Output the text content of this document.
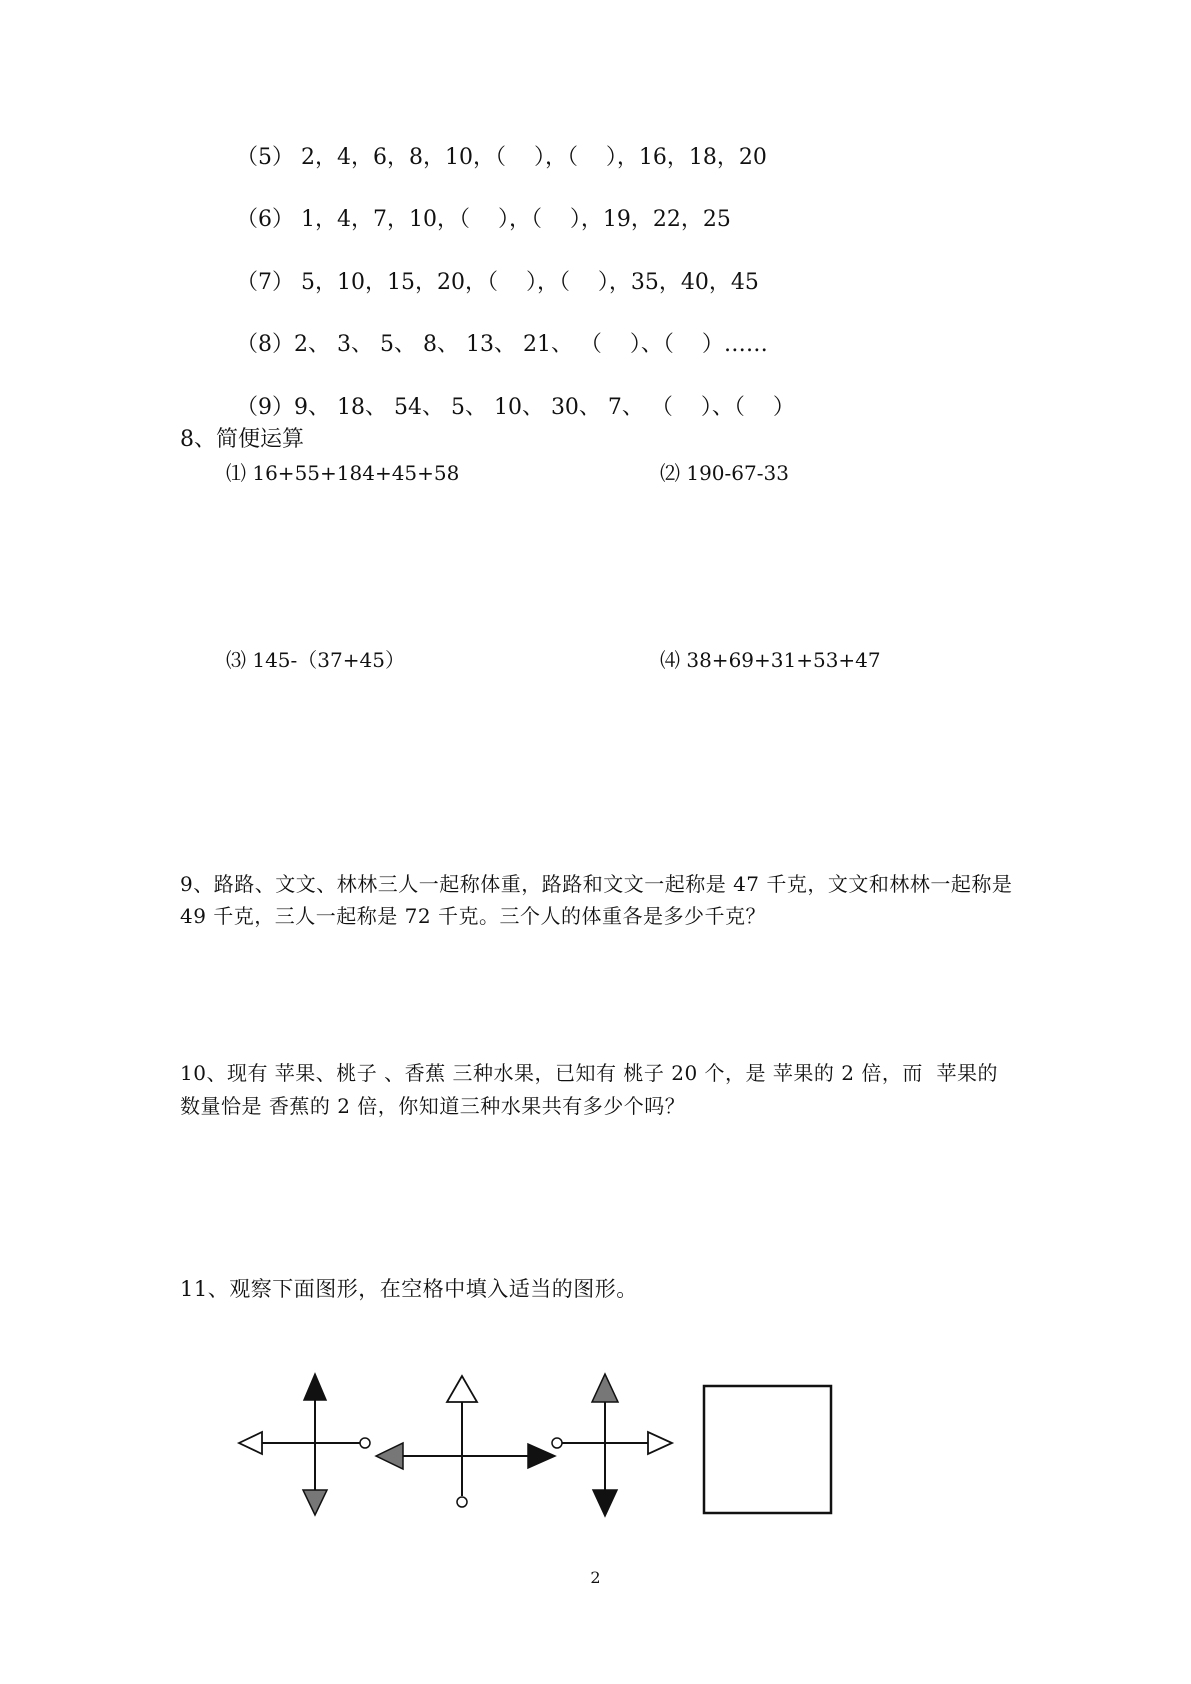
（5） 2，4，6，8，10，（    ），（    ），16，18，20
（6） 1，4，7，10，（    ），（    ），19，22，25
（7） 5，10，15，20，（    ），（    ），35，40，45
（8）2、 3、 5、 8、 13、 21、 （    ）、（    ）……
（9）9、 18、 54、 5、 10、 30、 7、 （    ）、（    ）
8、简便运算
⑴ 16+55+184+45+58	⑵ 190-67-33
⑶ 145-（37+45）	⑷ 38+69+31+53+47
9、路路、文文、林林三人一起称体重，路路和文文一起称是 47 千克，文文和林林一起称是
49 千克，三人一起称是 72 千克。三个人的体重各是多少千克？
10、现有 苹果、桃子 、香蕉 三种水果，已知有 桃子 20 个，是 苹果的 2 倍，而  苹果的
数量恰是 香蕉的 2 倍，你知道三种水果共有多少个吗？
11、观察下面图形，在空格中填入适当的图形。
2
